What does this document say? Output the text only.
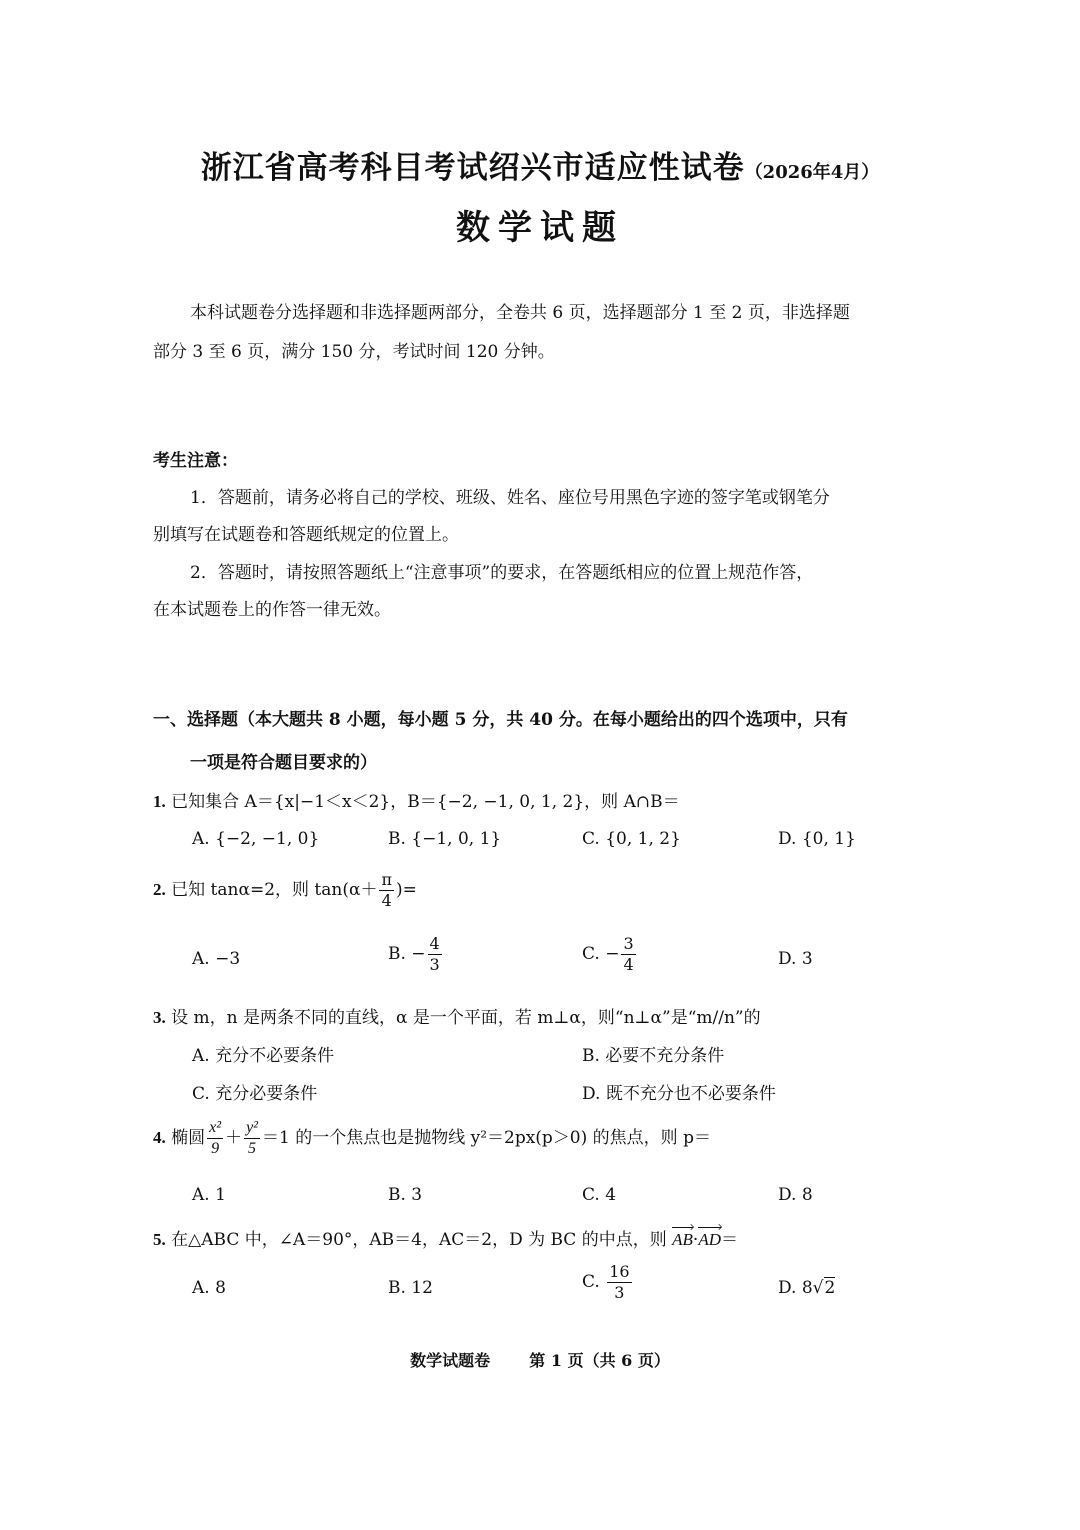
浙江省高考科目考试绍兴市适应性试卷（2026年4月）
数学试题
本科试题卷分选择题和非选择题两部分，全卷共 6 页，选择题部分 1 至 2 页，非选择题
部分 3 至 6 页，满分 150 分，考试时间 120 分钟。
考生注意：
1．答题前，请务必将自己的学校、班级、姓名、座位号用黑色字迹的签字笔或钢笔分
别填写在试题卷和答题纸规定的位置上。
2．答题时，请按照答题纸上“注意事项”的要求，在答题纸相应的位置上规范作答，
在本试题卷上的作答一律无效。
一、选择题（本大题共 8 小题，每小题 5 分，共 40 分。在每小题给出的四个选项中，只有
一项是符合题目要求的）
1. 已知集合 A＝{x|−1＜x＜2}，B＝{−2, −1, 0, 1, 2}，则 A∩B＝
A. {−2, −1, 0}	B. {−1, 0, 1}	C. {0, 1, 2}	D. {0, 1}
2. 已知 tanα=2，则 $\tan(\alpha+ \frac{\pi}{4}$ )=
A. −3	B. − $\frac{4}{3}$	C. − $\frac{3}{4}$	D. 3
3. 设 m，n 是两条不同的直线，α 是一个平面，若 m⊥α，则“n⊥α”是“m//n”的
A. 充分不必要条件	B. 必要不充分条件
C. 充分必要条件	D. 既不充分也不必要条件
4. 椭圆 $\frac{\text{x²}}{9} + \frac{\text{y²}}{5} =1$ 的一个焦点也是抛物线 y²＝2px(p＞0) 的焦点，则 p＝
A. 1	B. 3	C. 4	D. 8
5. 在△ABC 中，∠A＝90°，AB＝4，AC＝2，D 为 BC 的中点，则 AB·AD＝
A. 8	B. 12	C. $\frac{16}{3}$	D. 8√2
数学试题卷 第 1 页（共 6 页）
